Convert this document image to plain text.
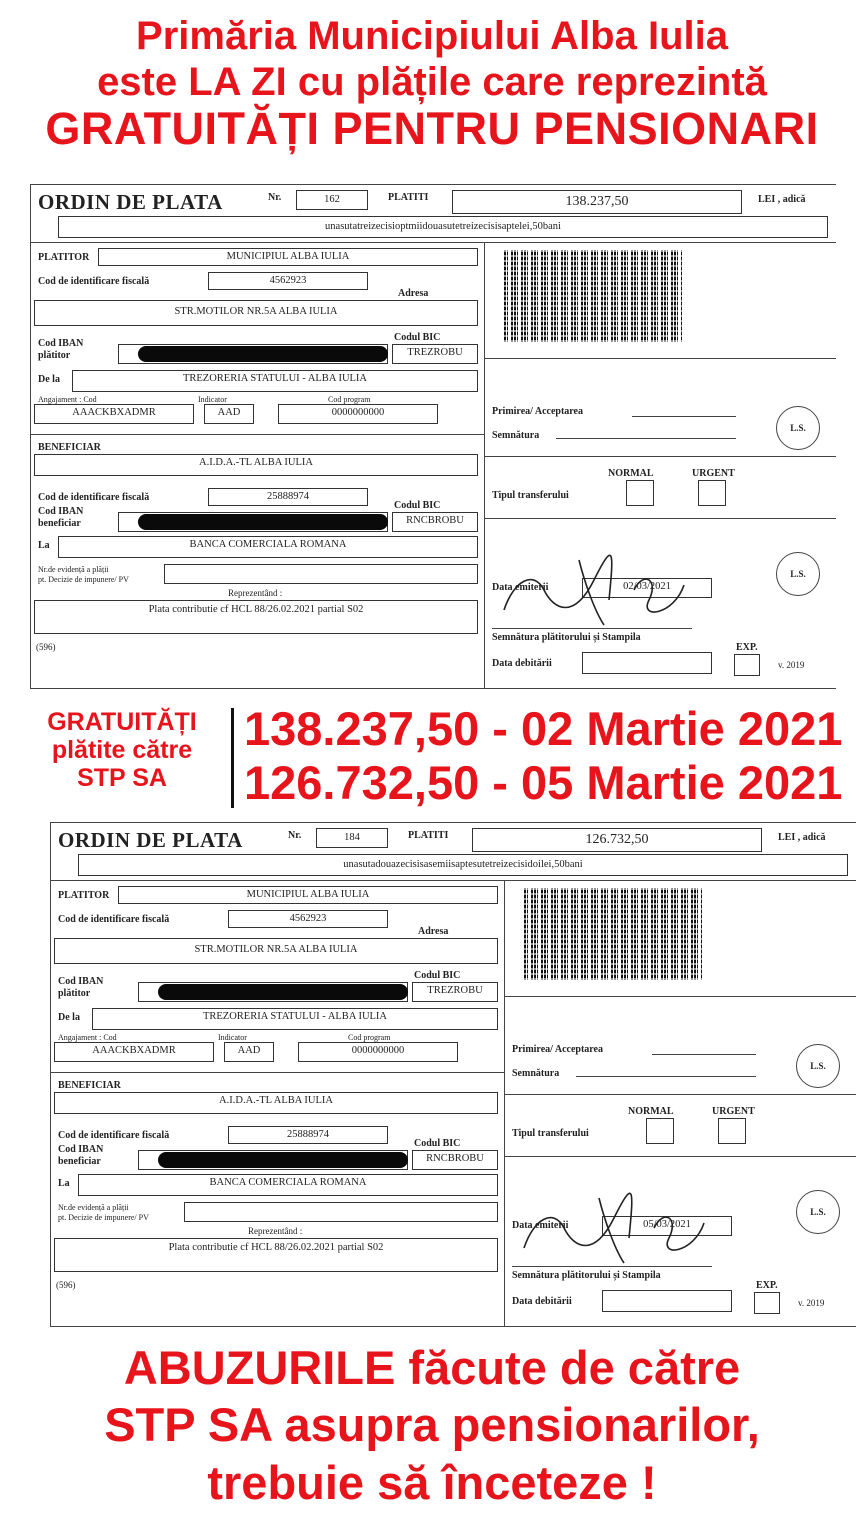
Primăria Municipiului Alba Iulia
este LA ZI cu plățile care reprezintă
GRATUITĂȚI PENTRU PENSIONARI
ORDIN DE PLATA	Nr.	162	PLATITI	138.237,50	LEI , adică
unasutatreizecisioptmiidouasutetreizecisisaptelei,50bani
PLATITOR	MUNICIPIUL ALBA IULIA
Cod de identificare fiscală	4562923
Adresa
STR.MOTILOR NR.5A ALBA IULIA
Cod IBAN
plătitor
Codul BIC
TREZROBU
De la	TREZORERIA STATULUI - ALBA IULIA
Angajament : Cod	Indicator	Cod program
AAACKBXADMR	AAD	0000000000
BENEFICIAR
A.I.D.A.-TL ALBA IULIA
Cod de identificare fiscală	25888974
Cod IBAN
beneficiar
Codul BIC
RNCBROBU
La	BANCA COMERCIALA ROMANA
Nr.de evidență a plății
pt. Decizie de impunere/ PV
Reprezentând :
Plata contributie cf HCL 88/26.02.2021 partial S02
(596)
Primirea/ Acceptarea
Semnătura
L.S.
NORMAL	URGENT
Tipul transferului
Data emiterii	02/03/2021
L.S.
Semnătura plătitorului și Stampila
EXP.
Data debitării	v. 2019
ORDIN DE PLATA	Nr.	184	PLATITI	126.732,50	LEI , adică
unasutadouazecisisasemiisaptesutetreizecisidoilei,50bani
PLATITOR	MUNICIPIUL ALBA IULIA
Cod de identificare fiscală	4562923
Adresa
STR.MOTILOR NR.5A ALBA IULIA
Cod IBAN
plătitor
Codul BIC
TREZROBU
De la	TREZORERIA STATULUI - ALBA IULIA
Angajament : Cod	Indicator	Cod program
AAACKBXADMR	AAD	0000000000
BENEFICIAR
A.I.D.A.-TL ALBA IULIA
Cod de identificare fiscală	25888974
Cod IBAN
beneficiar
Codul BIC
RNCBROBU
La	BANCA COMERCIALA ROMANA
Nr.de evidență a plății
pt. Decizie de impunere/ PV
Reprezentând :
Plata contributie cf HCL 88/26.02.2021 partial S02
(596)
Primirea/ Acceptarea
Semnătura
L.S.
NORMAL	URGENT
Tipul transferului
Data emiterii	05/03/2021
L.S.
Semnătura plătitorului și Stampila
EXP.
Data debitării	v. 2019
GRATUITĂȚI
plătite către
STP SA
138.237,50 - 02 Martie 2021
126.732,50 - 05 Martie 2021
ABUZURILE făcute de către
STP SA asupra pensionarilor,
trebuie să înceteze !
